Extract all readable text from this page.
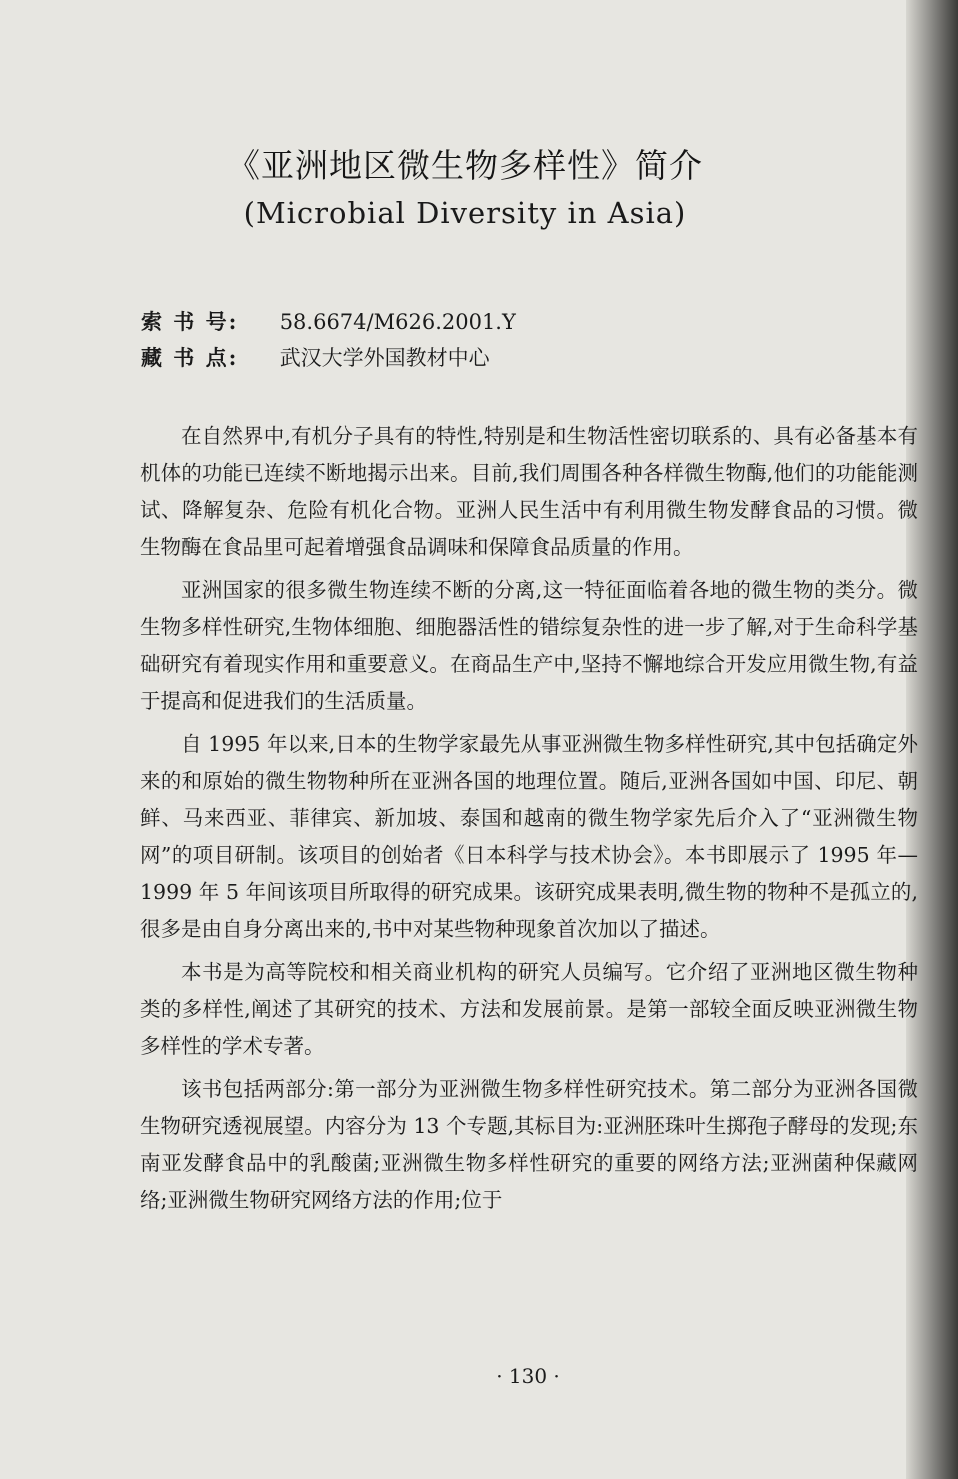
《亚洲地区微生物多样性》简介
(Microbial Diversity in Asia)
索 书 号: 58.6674/M626.2001.Y
藏 书 点: 武汉大学外国教材中心

在自然界中,有机分子具有的特性,特别是和生物活性密切联系的、具有必备基本有机体的功能已连续不断地揭示出来。目前,我们周围各种各样微生物酶,他们的功能能测试、降解复杂、危险有机化合物。亚洲人民生活中有利用微生物发酵食品的习惯。微生物酶在食品里可起着增强食品调味和保障食品质量的作用。

亚洲国家的很多微生物连续不断的分离,这一特征面临着各地的微生物的类分。微生物多样性研究,生物体细胞、细胞器活性的错综复杂性的进一步了解,对于生命科学基础研究有着现实作用和重要意义。在商品生产中,坚持不懈地综合开发应用微生物,有益于提高和促进我们的生活质量。

自 1995 年以来,日本的生物学家最先从事亚洲微生物多样性研究,其中包括确定外来的和原始的微生物物种所在亚洲各国的地理位置。随后,亚洲各国如中国、印尼、朝鲜、马来西亚、菲律宾、新加坡、泰国和越南的微生物学家先后介入了“亚洲微生物网”的项目研制。该项目的创始者《日本科学与技术协会》。本书即展示了 1995 年—1999 年 5 年间该项目所取得的研究成果。该研究成果表明,微生物的物种不是孤立的,很多是由自身分离出来的,书中对某些物种现象首次加以了描述。

本书是为高等院校和相关商业机构的研究人员编写。它介绍了亚洲地区微生物种类的多样性,阐述了其研究的技术、方法和发展前景。是第一部较全面反映亚洲微生物多样性的学术专著。

该书包括两部分:第一部分为亚洲微生物多样性研究技术。第二部分为亚洲各国微生物研究透视展望。内容分为 13 个专题,其标目为:亚洲胚珠叶生掷孢子酵母的发现;东南亚发酵食品中的乳酸菌;亚洲微生物多样性研究的重要的网络方法;亚洲菌种保藏网络;亚洲微生物研究网络方法的作用;位于

· 130 ·
